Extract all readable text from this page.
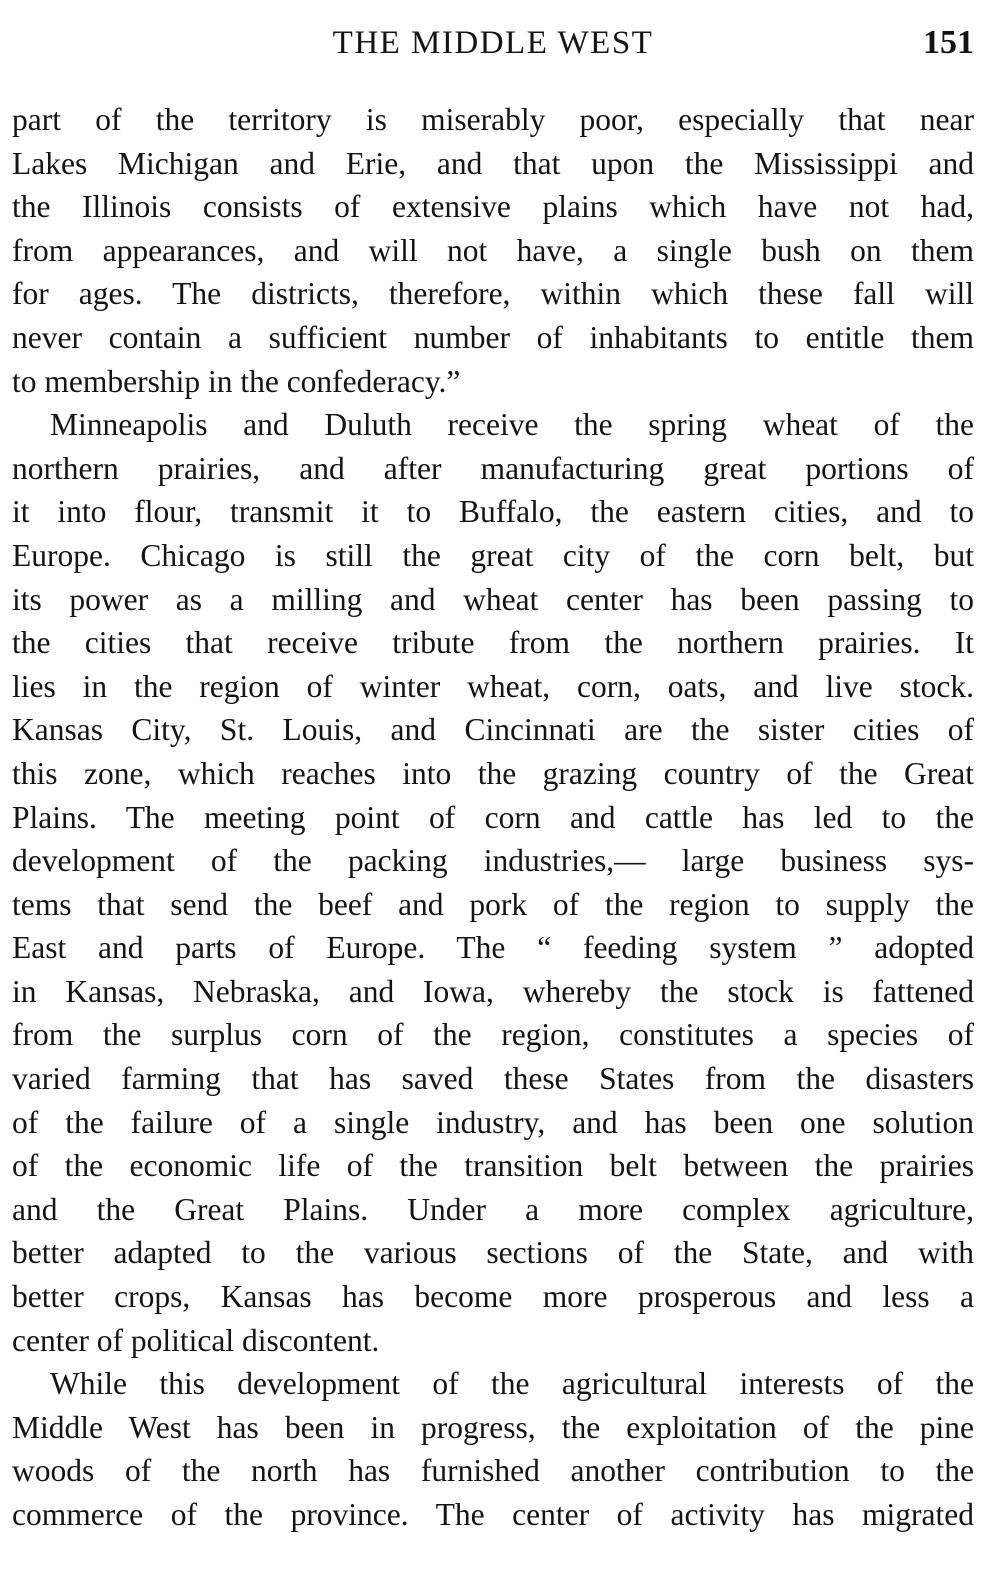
THE MIDDLE WEST	151
part of the territory is miserably poor, especially that near
Lakes Michigan and Erie, and that upon the Mississippi and
the Illinois consists of extensive plains which have not had,
from appearances, and will not have, a single bush on them
for ages. The districts, therefore, within which these fall will
never contain a sufficient number of inhabitants to entitle them
to membership in the confederacy.”
Minneapolis and Duluth receive the spring wheat of the
northern prairies, and after manufacturing great portions of
it into flour, transmit it to Buffalo, the eastern cities, and to
Europe. Chicago is still the great city of the corn belt, but
its power as a milling and wheat center has been passing to
the cities that receive tribute from the northern prairies. It
lies in the region of winter wheat, corn, oats, and live stock.
Kansas City, St. Louis, and Cincinnati are the sister cities of
this zone, which reaches into the grazing country of the Great
Plains. The meeting point of corn and cattle has led to the
development of the packing industries,— large business sys-
tems that send the beef and pork of the region to supply the
East and parts of Europe. The “ feeding system ” adopted
in Kansas, Nebraska, and Iowa, whereby the stock is fattened
from the surplus corn of the region, constitutes a species of
varied farming that has saved these States from the disasters
of the failure of a single industry, and has been one solution
of the economic life of the transition belt between the prairies
and the Great Plains. Under a more complex agriculture,
better adapted to the various sections of the State, and with
better crops, Kansas has become more prosperous and less a
center of political discontent.
While this development of the agricultural interests of the
Middle West has been in progress, the exploitation of the pine
woods of the north has furnished another contribution to the
commerce of the province. The center of activity has migrated
